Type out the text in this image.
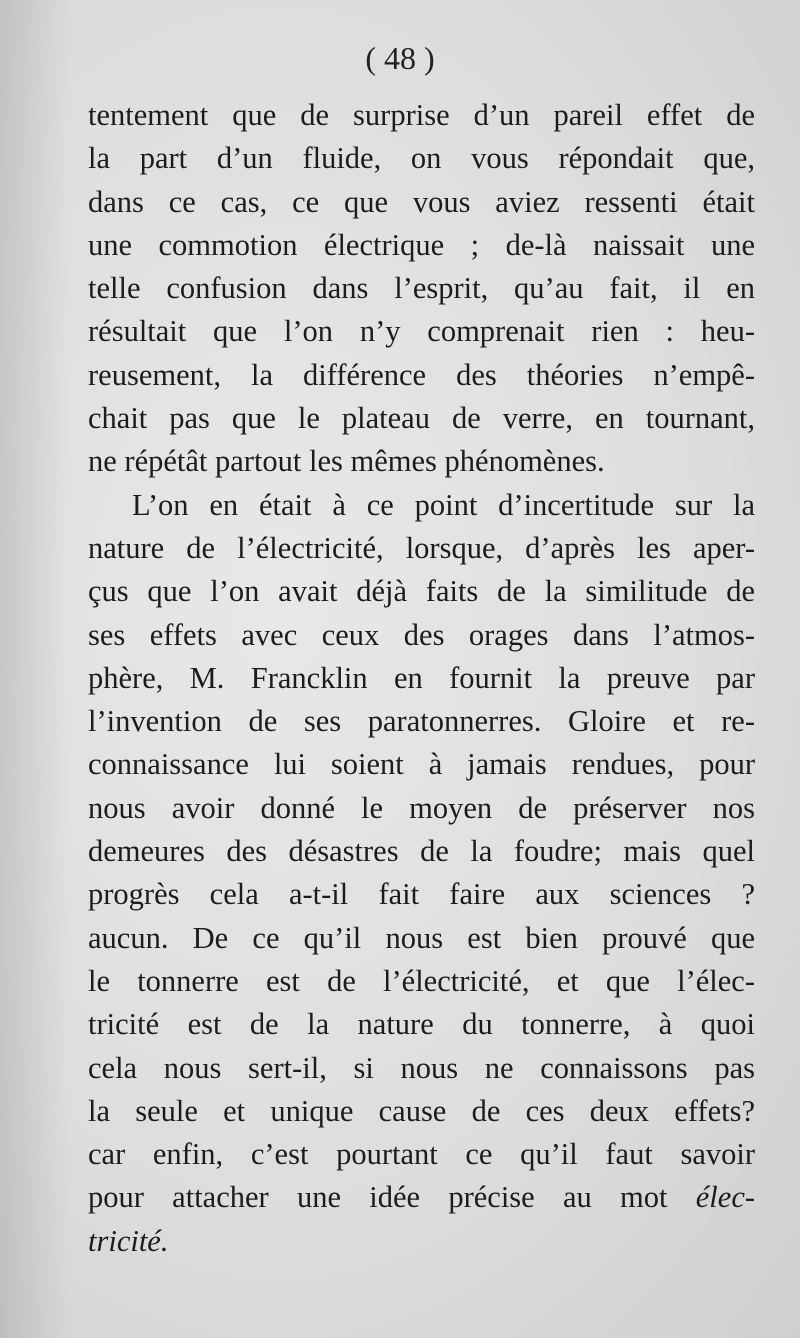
( 48 )
tentement que de surprise d’un pareil effet de
la part d’un fluide, on vous répondait que,
dans ce cas, ce que vous aviez ressenti était
une commotion électrique ; de-là naissait une
telle confusion dans l’esprit, qu’au fait, il en
résultait que l’on n’y comprenait rien : heu-
reusement, la différence des théories n’empê-
chait pas que le plateau de verre, en tournant,
ne répétât partout les mêmes phénomènes.
L’on en était à ce point d’incertitude sur la
nature de l’électricité, lorsque, d’après les aper-
çus que l’on avait déjà faits de la similitude de
ses effets avec ceux des orages dans l’atmos-
phère, M. Francklin en fournit la preuve par
l’invention de ses paratonnerres. Gloire et re-
connaissance lui soient à jamais rendues, pour
nous avoir donné le moyen de préserver nos
demeures des désastres de la foudre; mais quel
progrès cela a-t-il fait faire aux sciences ?
aucun. De ce qu’il nous est bien prouvé que
le tonnerre est de l’électricité, et que l’élec-
tricité est de la nature du tonnerre, à quoi
cela nous sert-il, si nous ne connaissons pas
la seule et unique cause de ces deux effets?
car enfin, c’est pourtant ce qu’il faut savoir
pour attacher une idée précise au mot élec-
tricité.
